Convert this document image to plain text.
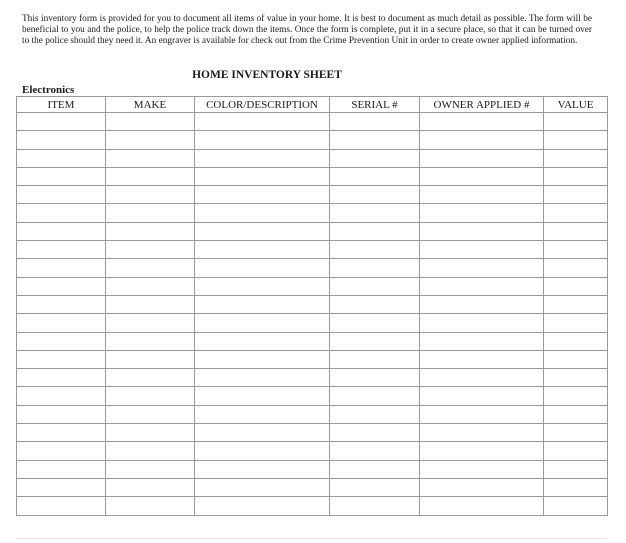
This inventory form is provided for you to document all items of value in your home. It is best to document as much detail as possible. The form will be beneficial to you and the police, to help the police track down the items. Once the form is complete, put it in a secure place, so that it can be turned over to the police should they need it. An engraver is available for check out from the Crime Prevention Unit in order to create owner applied information.

HOME INVENTORY SHEET
Electronics
ITEM	MAKE	COLOR/DESCRIPTION	SERIAL #	OWNER APPLIED #	VALUE
